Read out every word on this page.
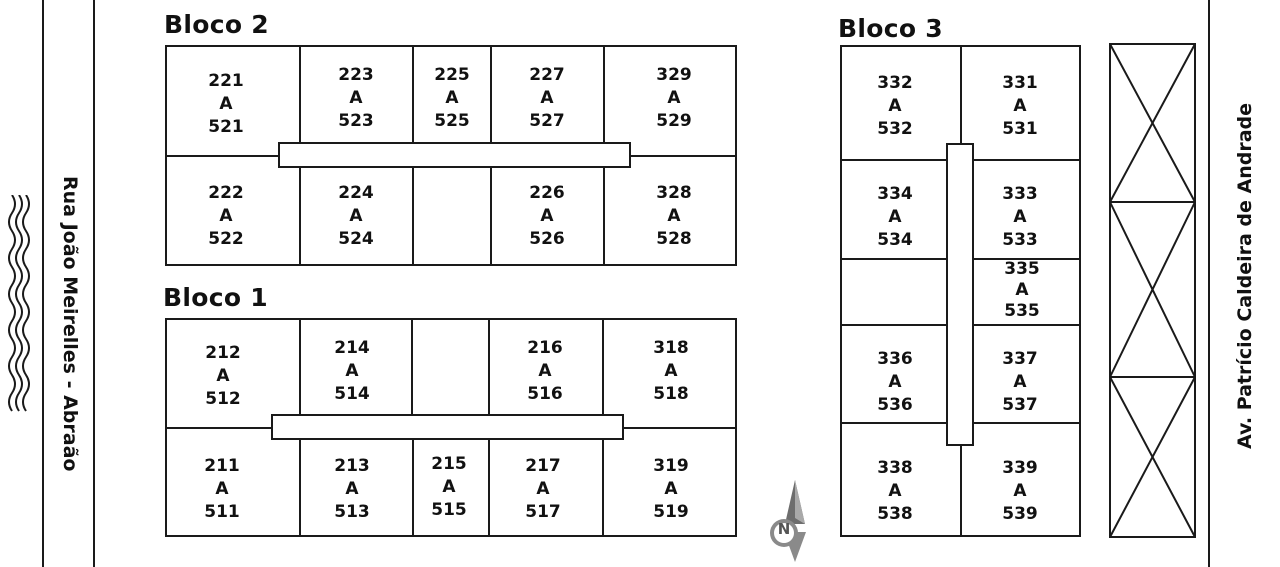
Rua João Meirelles - Abraão	Av. Patrício Caldeira de Andrade
Bloco 2
221
A
521
223
A
523
225
A
525
227
A
527
329
A
529
222
A
522
224
A
524
226
A
526
328
A
528
Bloco 1
212
A
512
214
A
514
216
A
516
318
A
518
211
A
511
213
A
513
215
A
515
217
A
517
319
A
519
N
Bloco 3
332
A
532
331
A
531
334
A
534
333
A
533
335
A
535
336
A
536
337
A
537
338
A
538
339
A
539
